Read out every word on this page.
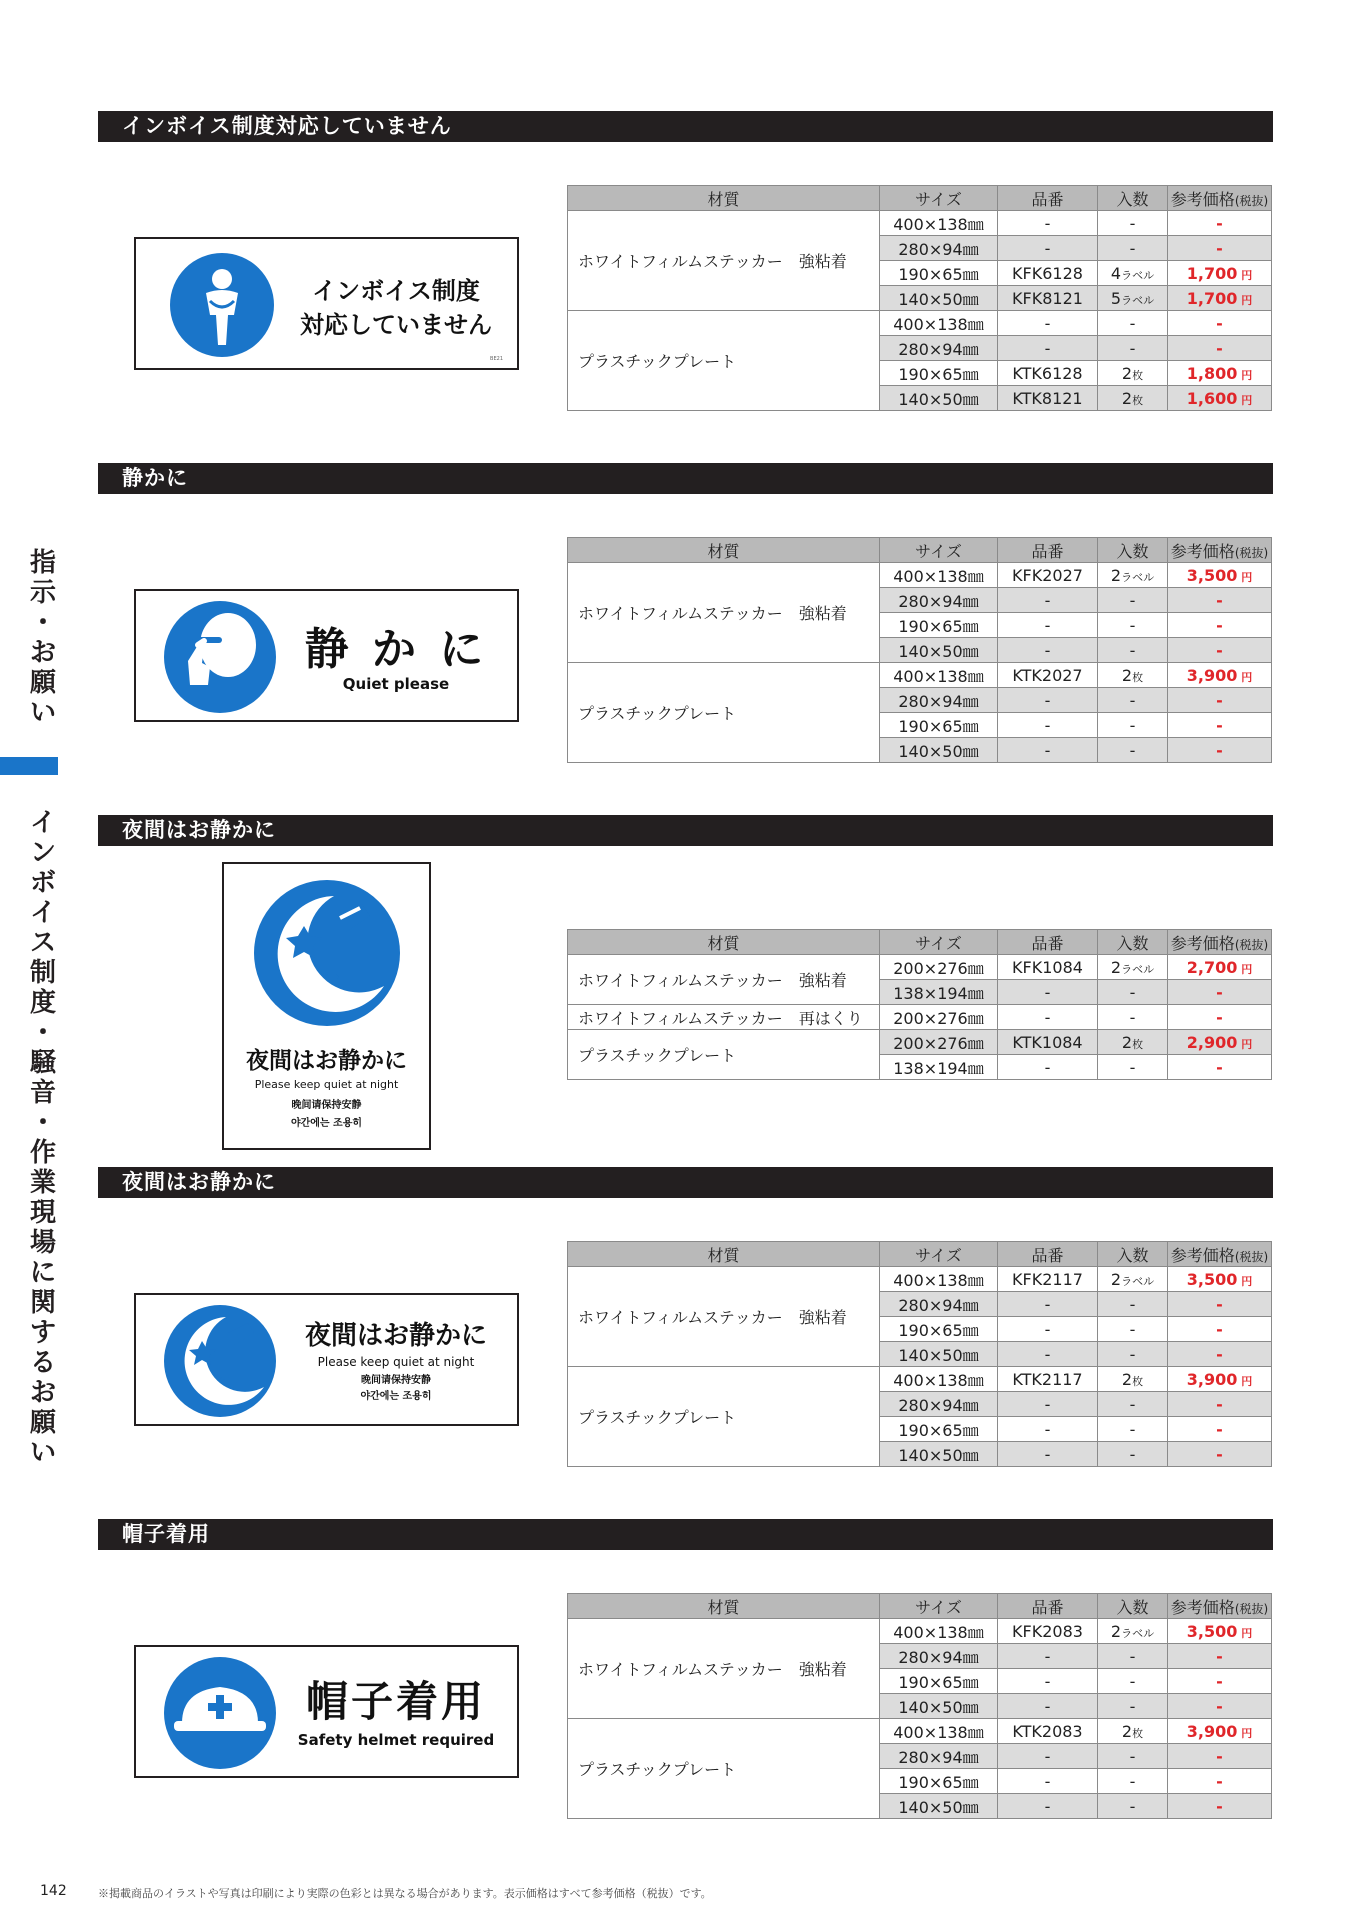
指
示
・
お
願
い
イ
ン
ボ
イ
ス
制
度
・
騒
音
・
作
業
現
場
に
関
す
る
お
願
い
インボイス制度対応していません
インボイス制度
対応していません
BE21
材質	サイズ	品番	入数	参考価格(税抜)
ホワイトフィルムステッカー　強粘着	400×138㎜	-	-	-
	280×94㎜	-	-	-
	190×65㎜	KFK6128	4ラベル	1,700 円
	140×50㎜	KFK8121	5ラベル	1,700 円
プラスチックプレート	400×138㎜	-	-	-
	280×94㎜	-	-	-
	190×65㎜	KTK6128	2枚	1,800 円
	140×50㎜	KTK8121	2枚	1,600 円
静かに
静 か に
Quiet please
材質	サイズ	品番	入数	参考価格(税抜)
ホワイトフィルムステッカー　強粘着	400×138㎜	KFK2027	2ラベル	3,500 円
	280×94㎜	-	-	-
	190×65㎜	-	-	-
	140×50㎜	-	-	-
プラスチックプレート	400×138㎜	KTK2027	2枚	3,900 円
	280×94㎜	-	-	-
	190×65㎜	-	-	-
	140×50㎜	-	-	-
夜間はお静かに
夜間はお静かに
Please keep quiet at night
晚间请保持安静
야간에는 조용히
材質	サイズ	品番	入数	参考価格(税抜)
ホワイトフィルムステッカー　強粘着	200×276㎜	KFK1084	2ラベル	2,700 円
	138×194㎜	-	-	-
ホワイトフィルムステッカー　再はくり	200×276㎜	-	-	-
プラスチックプレート	200×276㎜	KTK1084	2枚	2,900 円
	138×194㎜	-	-	-
夜間はお静かに
夜間はお静かに
Please keep quiet at night
晚间请保持安静
야간에는 조용히
材質	サイズ	品番	入数	参考価格(税抜)
ホワイトフィルムステッカー　強粘着	400×138㎜	KFK2117	2ラベル	3,500 円
	280×94㎜	-	-	-
	190×65㎜	-	-	-
	140×50㎜	-	-	-
プラスチックプレート	400×138㎜	KTK2117	2枚	3,900 円
	280×94㎜	-	-	-
	190×65㎜	-	-	-
	140×50㎜	-	-	-
帽子着用
帽子着用
Safety helmet required
材質	サイズ	品番	入数	参考価格(税抜)
ホワイトフィルムステッカー　強粘着	400×138㎜	KFK2083	2ラベル	3,500 円
	280×94㎜	-	-	-
	190×65㎜	-	-	-
	140×50㎜	-	-	-
プラスチックプレート	400×138㎜	KTK2083	2枚	3,900 円
	280×94㎜	-	-	-
	190×65㎜	-	-	-
	140×50㎜	-	-	-
142	※掲載商品のイラストや写真は印刷により実際の色彩とは異なる場合があります。表示価格はすべて参考価格（税抜）です。
